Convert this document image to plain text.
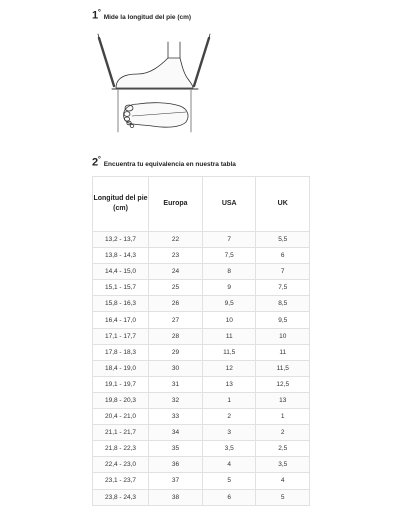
$1^º$
Mide la longitud del pie (cm)
$2^º$
Encuentra tu equivalencia en nuestra tabla
Longitud del pie (cm)	Europa	USA	UK
13,2 - 13,7	22	7	5,5
13,8 - 14,3	23	7,5	6
14,4 - 15,0	24	8	7
15,1 - 15,7	25	9	7,5
15,8 - 16,3	26	9,5	8,5
16,4 - 17,0	27	10	9,5
17,1 - 17,7	28	11	10
17,8 - 18,3	29	11,5	11
18,4 - 19,0	30	12	11,5
19,1 - 19,7	31	13	12,5
19,8 - 20,3	32	1	13
20,4 - 21,0	33	2	1
21,1 - 21,7	34	3	2
21,8 - 22,3	35	3,5	2,5
22,4 - 23,0	36	4	3,5
23,1 - 23,7	37	5	4
23,8 - 24,3	38	6	5
